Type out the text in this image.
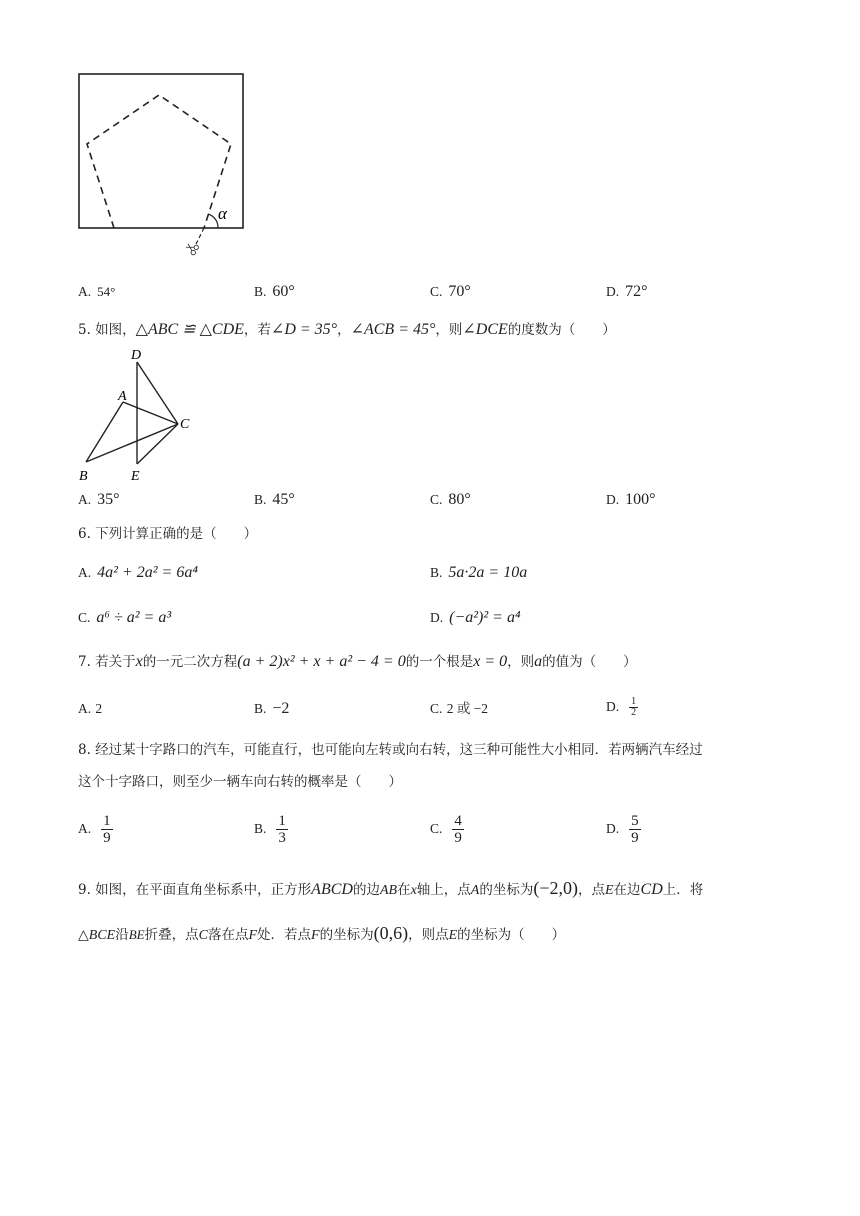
α
A. 54°	B. 60°	C. 70°	D. 72°
5. 如图，△ABC ≌ △CDE，若∠D = 35°，∠ACB = 45°，则∠DCE的度数为（　　）
D
A
C
B	E
A. 35°	B. 45°	C. 80°	D. 100°
6. 下列计算正确的是（　　）
A. 4a² + 2a² = 6a⁴	B. 5a·2a = 10a
C. a⁶ ÷ a² = a³	D. (−a²)² = a⁴
7. 若关于x的一元二次方程(a + 2)x² + x + a² − 4 = 0的一个根是x = 0，则a的值为（　　）
A. 2	B. −2	C. 2 或 −2	D. $\frac{1}{2}$
8. 经过某十字路口的汽车，可能直行，也可能向左转或向右转，这三种可能性大小相同．若两辆汽车经过
这个十字路口，则至少一辆车向右转的概率是（　　）
A. $\frac{1}{9}$	B. $\frac{1}{3}$	C. $\frac{4}{9}$	D. $\frac{5}{9}$
9. 如图，在平面直角坐标系中，正方形ABCD的边AB在x轴上，点A的坐标为(−2,0)，点E在边CD上．将
△BCE沿BE折叠，点C落在点F处．若点F的坐标为(0,6)，则点E的坐标为（　　）
